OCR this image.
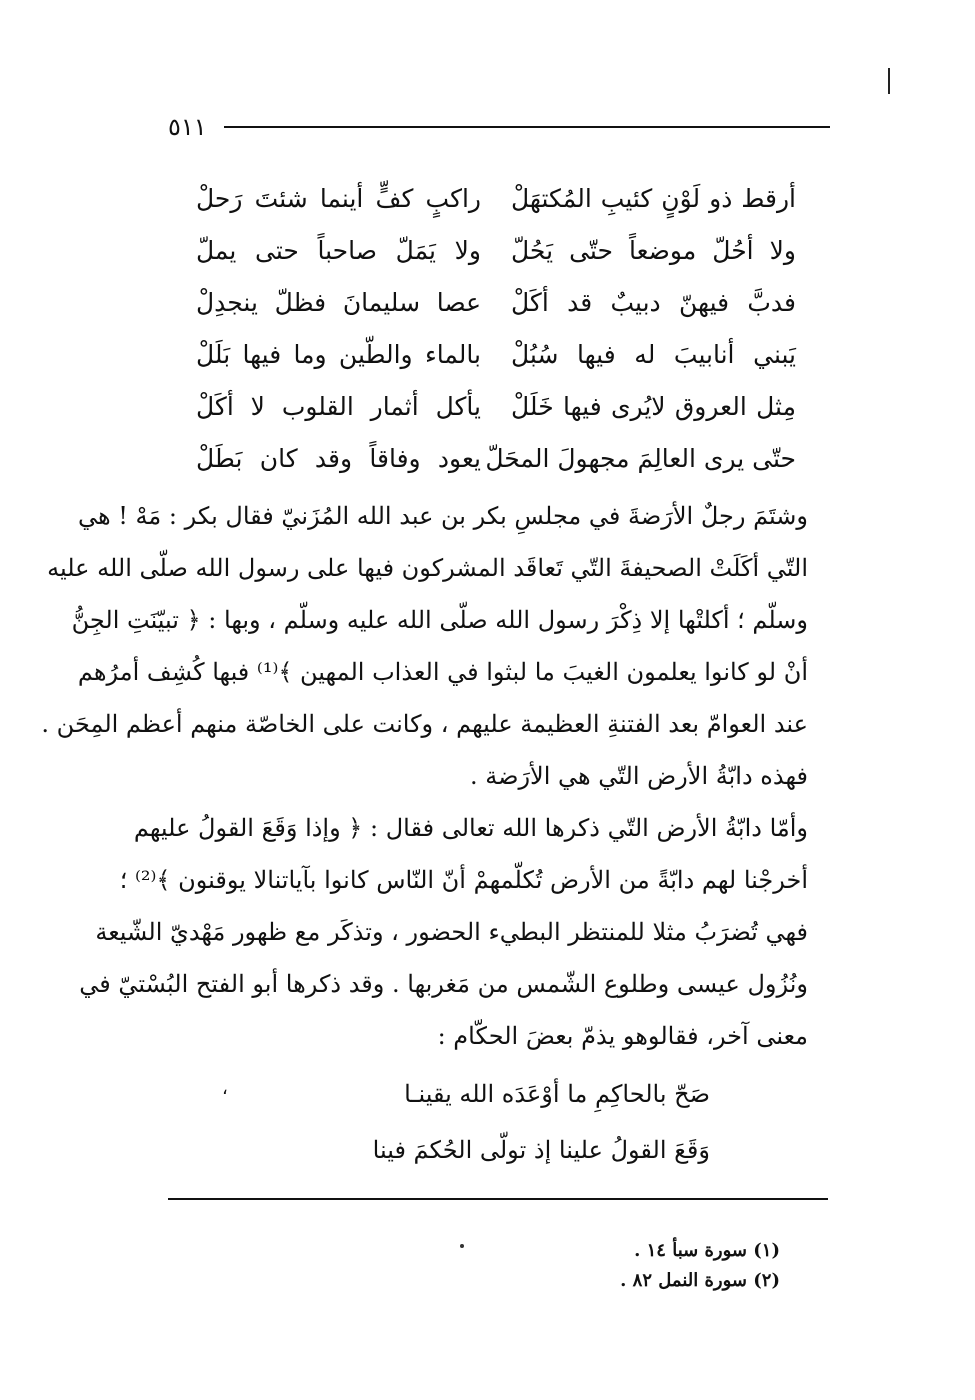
٥١١
أرقط ذو لَوْنٍ كئيبِ المُكتهَلْ
راكبٍ كفٍّ أينما شئتَ رَحلْ
ولا أحُلّ موضعاً حتّى يَحُلّ
ولا يَمَلّ صاحباً حتى يملّ
فدبَّ فيهنّ دبيبٌ قد أكَلْ
عصا سليمانَ فظلّ ينجدِلْ
يَبني أنابيبَ له فيها سُبُلْ
بالماء والطّين وما فيها بَلَلْ
مِثل العروق لايُرى فيها خَلَلْ
يأكل أثمار القلوب لا أكَلْ
حتّى يرى العالِمَ مجهولَ المحَلّ
يعود وفاقاً وقد كان بَطَلْ
وشتَمَ رجلٌ الأرَضةَ في مجلسِ بكر بن عبد الله المُزَنيّ فقال بكر : مَهْ ! هي
التّي أكَلَتْ الصحيفةَ التّي تَعاقَد المشركون فيها على رسول الله صلّى الله عليه
وسلّم ؛ أكلتْها إلا ذِكْرَ رسول الله صلّى الله عليه وسلّم ، وبها : ﴿ تبيّنَتِ الجِنُّ
أنْ لو كانوا يعلمون الغيبَ ما لبثوا في العذاب المهين ﴾⁽¹⁾ فبها كُشِف أمرُهم
عند العوامّ بعد الفتنةِ العظيمة عليهم ، وكانت على الخاصّة منهم أعظم المِحَن .
فهذه دابّةُ الأرض التّي هي الأرَضة .
وأمّا دابّةُ الأرض التّي ذكرها الله تعالى فقال : ﴿ وإذا وَقَعَ القولُ عليهم
أخرجْنا لهم دابّةً من الأرض تُكلّمهمْ أنّ النّاس كانوا بآياتنالا يوقنون ﴾⁽²⁾ ؛
فهي تُضرَبُ مثلا للمنتظر البطيء الحضور ، وتذكَر مع ظهور مَهْديّ الشّيعة
ونُزُول عيسى وطلوع الشّمس من مَغربها . وقد ذكرها أبو الفتح البُسْتيّ في
معنى آخر، فقالوهو يذمّ بعضَ الحكّام :
،	صَحّ بالحاكِمِ ما أوْعَدَه الله يقينـا
وَقَعَ القولُ علينا إذ تولّى الحُكمَ فينا
(١) سورة سبأ ١٤ .
(٢) سورة النمل ٨٢ .
